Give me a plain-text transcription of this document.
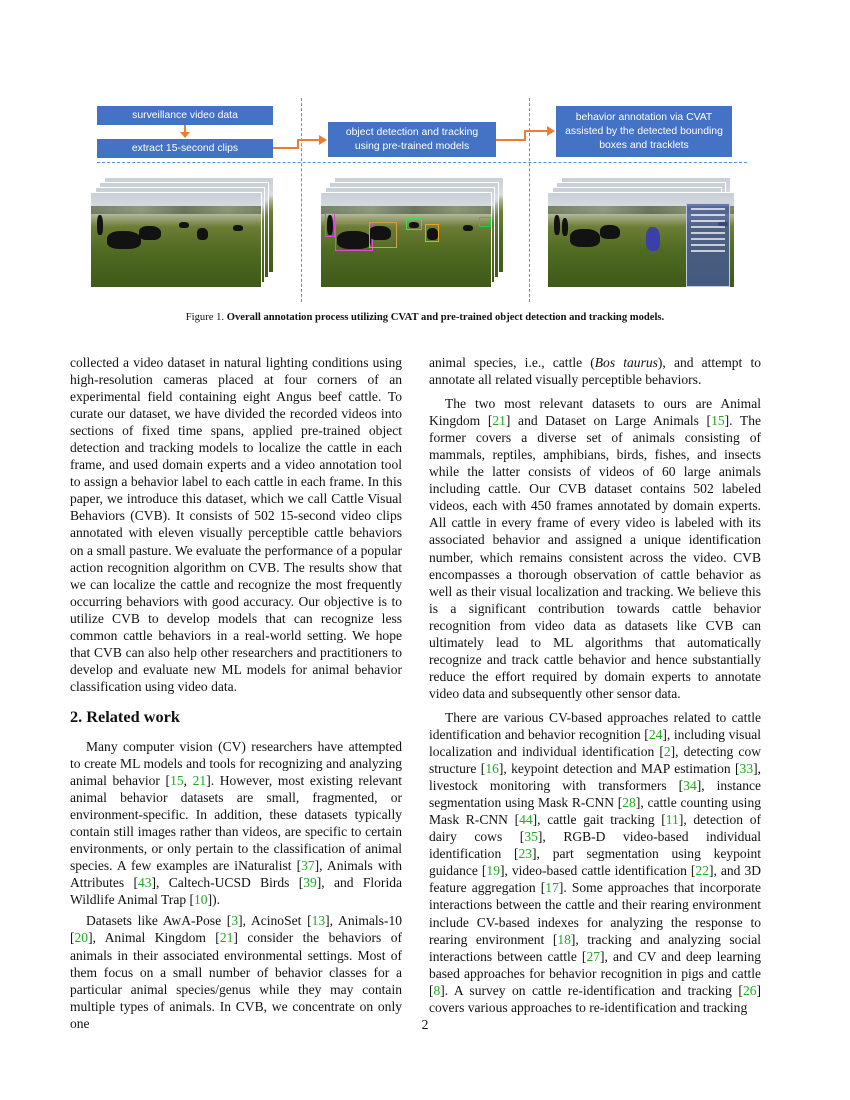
surveillance video data
extract 15-second clips
object detection and tracking using pre-trained models
behavior annotation via CVAT assisted by the detected bounding boxes and tracklets
Figure 1. Overall annotation process utilizing CVAT and pre-trained object detection and tracking models.

collected a video dataset in natural lighting conditions using high-resolution cameras placed at four corners of an experimental field containing eight Angus beef cattle. To curate our dataset, we have divided the recorded videos into sections of fixed time spans, applied pre-trained object detection and tracking models to localize the cattle in each frame, and used domain experts and a video annotation tool to assign a behavior label to each cattle in each frame. In this paper, we introduce this dataset, which we call Cattle Visual Behaviors (CVB). It consists of 502 15-second video clips annotated with eleven visually perceptible cattle behaviors on a small pasture. We evaluate the performance of a popular action recognition algorithm on CVB. The results show that we can localize the cattle and recognize the most frequently occurring behaviors with good accuracy. Our objective is to utilize CVB to develop models that can recognize less common cattle behaviors in a real-world setting. We hope that CVB can also help other researchers and practitioners to develop and evaluate new ML models for animal behavior classification using video data.

2. Related work

Many computer vision (CV) researchers have attempted to create ML models and tools for recognizing and analyzing animal behavior [15, 21]. However, most existing relevant animal behavior datasets are small, fragmented, or environment-specific. In addition, these datasets typically contain still images rather than videos, are specific to certain environments, or only pertain to the classification of animal species. A few examples are iNaturalist [37], Animals with Attributes [43], Caltech-UCSD Birds [39], and Florida Wildlife Animal Trap [10]).

Datasets like AwA-Pose [3], AcinoSet [13], Animals-10 [20], Animal Kingdom [21] consider the behaviors of animals in their associated environmental settings. Most of them focus on a small number of behavior classes for a particular animal species/genus while they may contain multiple types of animals. In CVB, we concentrate on only one

animal species, i.e., cattle (Bos taurus), and attempt to annotate all related visually perceptible behaviors.

The two most relevant datasets to ours are Animal Kingdom [21] and Dataset on Large Animals [15]. The former covers a diverse set of animals consisting of mammals, reptiles, amphibians, birds, fishes, and insects while the latter consists of videos of 60 large animals including cattle. Our CVB dataset contains 502 labeled videos, each with 450 frames annotated by domain experts. All cattle in every frame of every video is labeled with its associated behavior and assigned a unique identification number, which remains consistent across the video. CVB encompasses a thorough observation of cattle behavior as well as their visual localization and tracking. We believe this is a significant contribution towards cattle behavior recognition from video data as datasets like CVB can ultimately lead to ML algorithms that automatically recognize and track cattle behavior and hence substantially reduce the effort required by domain experts to annotate video data and subsequently other sensor data.

There are various CV-based approaches related to cattle identification and behavior recognition [24], including visual localization and individual identification [2], detecting cow structure [16], keypoint detection and MAP estimation [33], livestock monitoring with transformers [34], instance segmentation using Mask R-CNN [28], cattle counting using Mask R-CNN [44], cattle gait tracking [11], detection of dairy cows [35], RGB-D video-based individual identification [23], part segmentation using keypoint guidance [19], video-based cattle identification [22], and 3D feature aggregation [17]. Some approaches that incorporate interactions between the cattle and their rearing environment include CV-based indexes for analyzing the response to rearing environment [18], tracking and analyzing social interactions between cattle [27], and CV and deep learning based approaches for behavior recognition in pigs and cattle [8]. A survey on cattle re-identification and tracking [26] covers various approaches to re-identification and tracking

2
